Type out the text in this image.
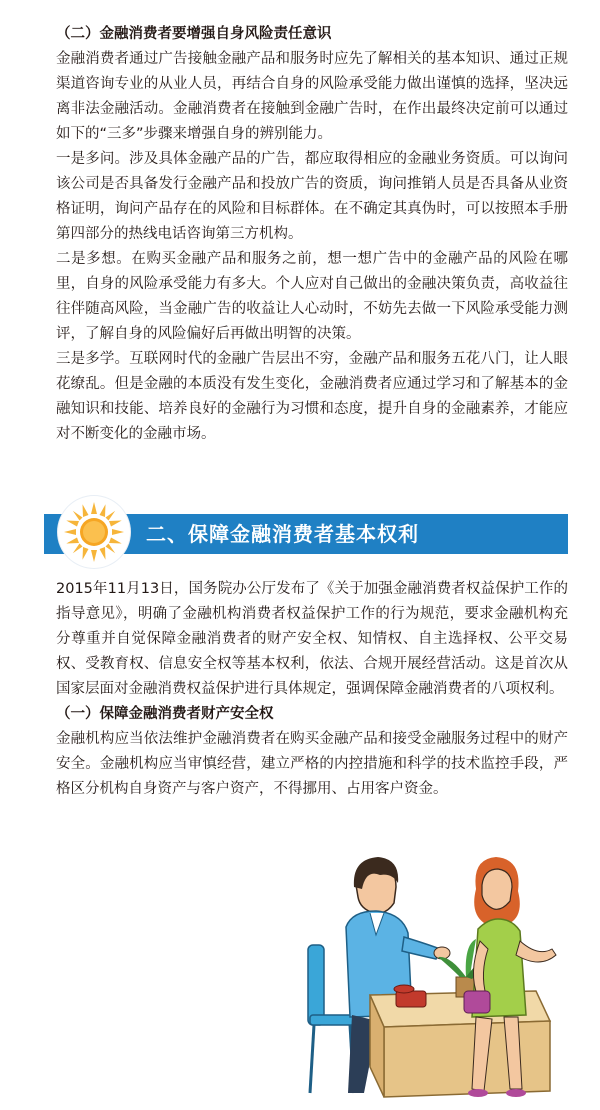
（二）金融消费者要增强自身风险责任意识

金融消费者通过广告接触金融产品和服务时应先了解相关的基本知识、通过正规渠道咨询专业的从业人员，再结合自身的风险承受能力做出谨慎的选择，坚决远离非法金融活动。金融消费者在接触到金融广告时，在作出最终决定前可以通过如下的“三多”步骤来增强自身的辨别能力。

一是多问。涉及具体金融产品的广告，都应取得相应的金融业务资质。可以询问该公司是否具备发行金融产品和投放广告的资质，询问推销人员是否具备从业资格证明，询问产品存在的风险和目标群体。在不确定其真伪时，可以按照本手册第四部分的热线电话咨询第三方机构。

二是多想。在购买金融产品和服务之前，想一想广告中的金融产品的风险在哪里，自身的风险承受能力有多大。个人应对自己做出的金融决策负责，高收益往往伴随高风险，当金融广告的收益让人心动时，不妨先去做一下风险承受能力测评，了解自身的风险偏好后再做出明智的决策。

三是多学。互联网时代的金融广告层出不穷，金融产品和服务五花八门，让人眼花缭乱。但是金融的本质没有发生变化，金融消费者应通过学习和了解基本的金融知识和技能、培养良好的金融行为习惯和态度，提升自身的金融素养，才能应对不断变化的金融市场。

二、保障金融消费者基本权利

2015年11月13日，国务院办公厅发布了《关于加强金融消费者权益保护工作的指导意见》，明确了金融机构消费者权益保护工作的行为规范，要求金融机构充分尊重并自觉保障金融消费者的财产安全权、知情权、自主选择权、公平交易权、受教育权、信息安全权等基本权利，依法、合规开展经营活动。这是首次从国家层面对金融消费权益保护进行具体规定，强调保障金融消费者的八项权利。

（一）保障金融消费者财产安全权

金融机构应当依法维护金融消费者在购买金融产品和接受金融服务过程中的财产安全。金融机构应当审慎经营，建立严格的内控措施和科学的技术监控手段，严格区分机构自身资产与客户资产，不得挪用、占用客户资金。
